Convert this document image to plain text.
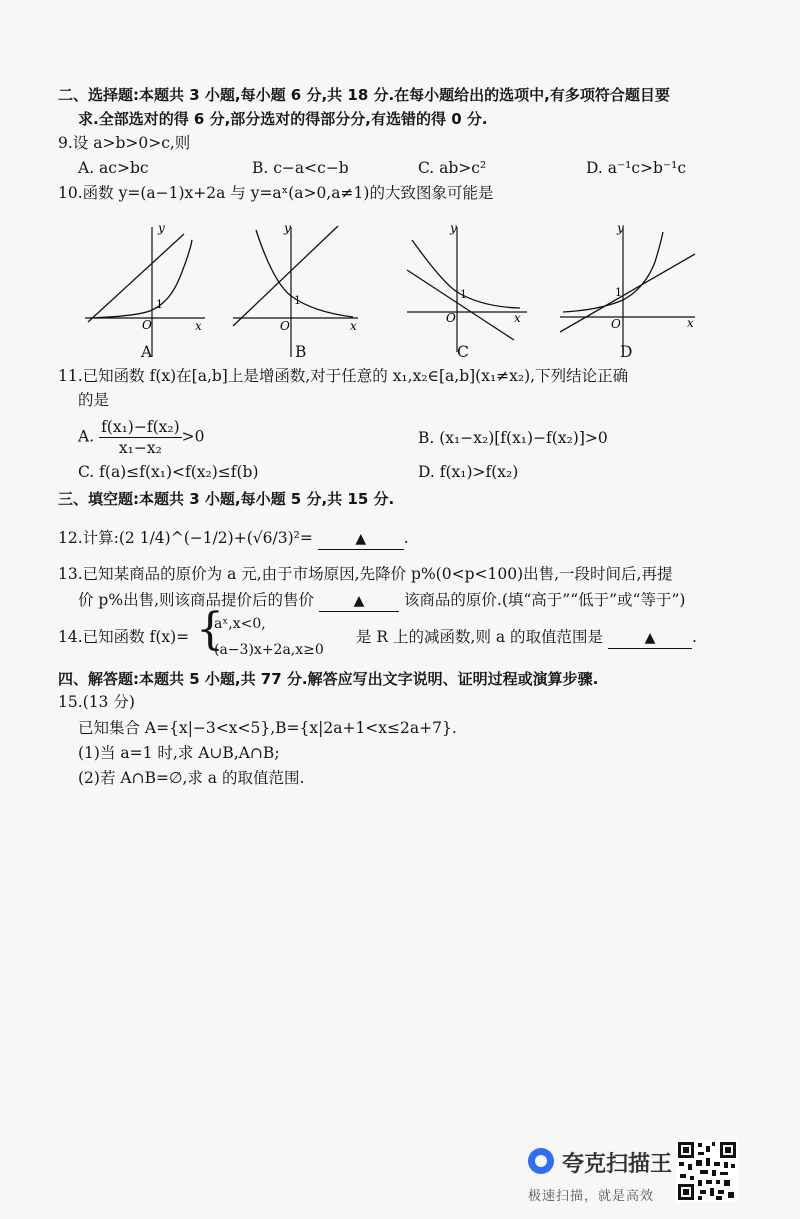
二、选择题:本题共 3 小题,每小题 6 分,共 18 分.在每小题给出的选项中,有多项符合题目要
求.全部选对的得 6 分,部分选对的得部分分,有选错的得 0 分.
9.设 a>b>0>c,则
A. ac>bc	B. c−a<c−b	C. ab>c²	D. a⁻¹c>b⁻¹c
10.函数 y=(a−1)x+2a 与 y=aˣ(a>0,a≠1)的大致图象可能是
y
x
O
1
A
y
x
O
1
B
y
x
O
1
C
y
x
O
1
D
11.已知函数 f(x)在[a,b]上是增函数,对于任意的 x₁,x₂∈[a,b](x₁≠x₂),下列结论正确
的是
A. $\frac{\text{f(x₁)−f(x₂)}}{\text{x₁−x₂}} >0$	B. (x₁−x₂)[f(x₁)−f(x₂)]>0
C. f(a)≤f(x₁)<f(x₂)≤f(b)	D. f(x₁)>f(x₂)
三、填空题:本题共 3 小题,每小题 5 分,共 15 分.
12.计算:(2 1/4)^(−1/2)+(√6/3)²=	▲ .
13.已知某商品的原价为 a 元,由于市场原因,先降价 p%(0<p<100)出售,一段时间后,再提
价 p%出售,则该商品提价后的售价	▲	该商品的原价.(填“高于”“低于”或“等于”)
14.已知函数 f(x)= {
aˣ,x<0,
(a−3)x+2a,x≥0
是 R 上的减函数,则 a 的取值范围是	▲ .
四、解答题:本题共 5 小题,共 77 分.解答应写出文字说明、证明过程或演算步骤.
15.(13 分)
已知集合 A={x|−3<x<5},B={x|2a+1<x≤2a+7}.
(1)当 a=1 时,求 A∪B,A∩B;
(2)若 A∩B=∅,求 a 的取值范围.
夸克扫描王
极速扫描，就是高效
